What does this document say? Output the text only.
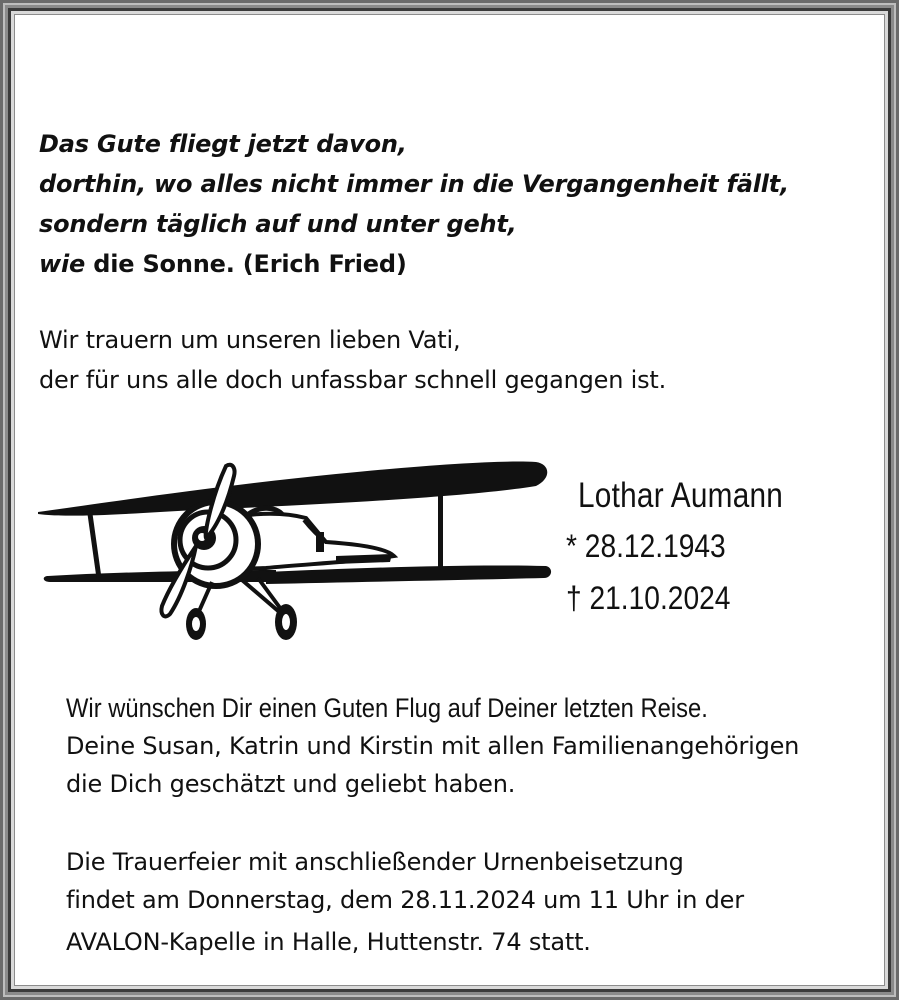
Das Gute fliegt jetzt davon,

dorthin, wo alles nicht immer in die Vergangenheit fällt,

sondern täglich auf und unter geht,

wie die Sonne. (Erich Fried)

Wir trauern um unseren lieben Vati,

der für uns alle doch unfassbar schnell gegangen ist.

Lothar Aumann

* 28.12.1943

† 21.10.2024

Wir wünschen Dir einen Guten Flug auf Deiner letzten Reise.

Deine Susan, Katrin und Kirstin mit allen Familienangehörigen

die Dich geschätzt und geliebt haben.

Die Trauerfeier mit anschließender Urnenbeisetzung

findet am Donnerstag, dem 28.11.2024 um 11 Uhr in der

AVALON-Kapelle in Halle, Huttenstr. 74 statt.
